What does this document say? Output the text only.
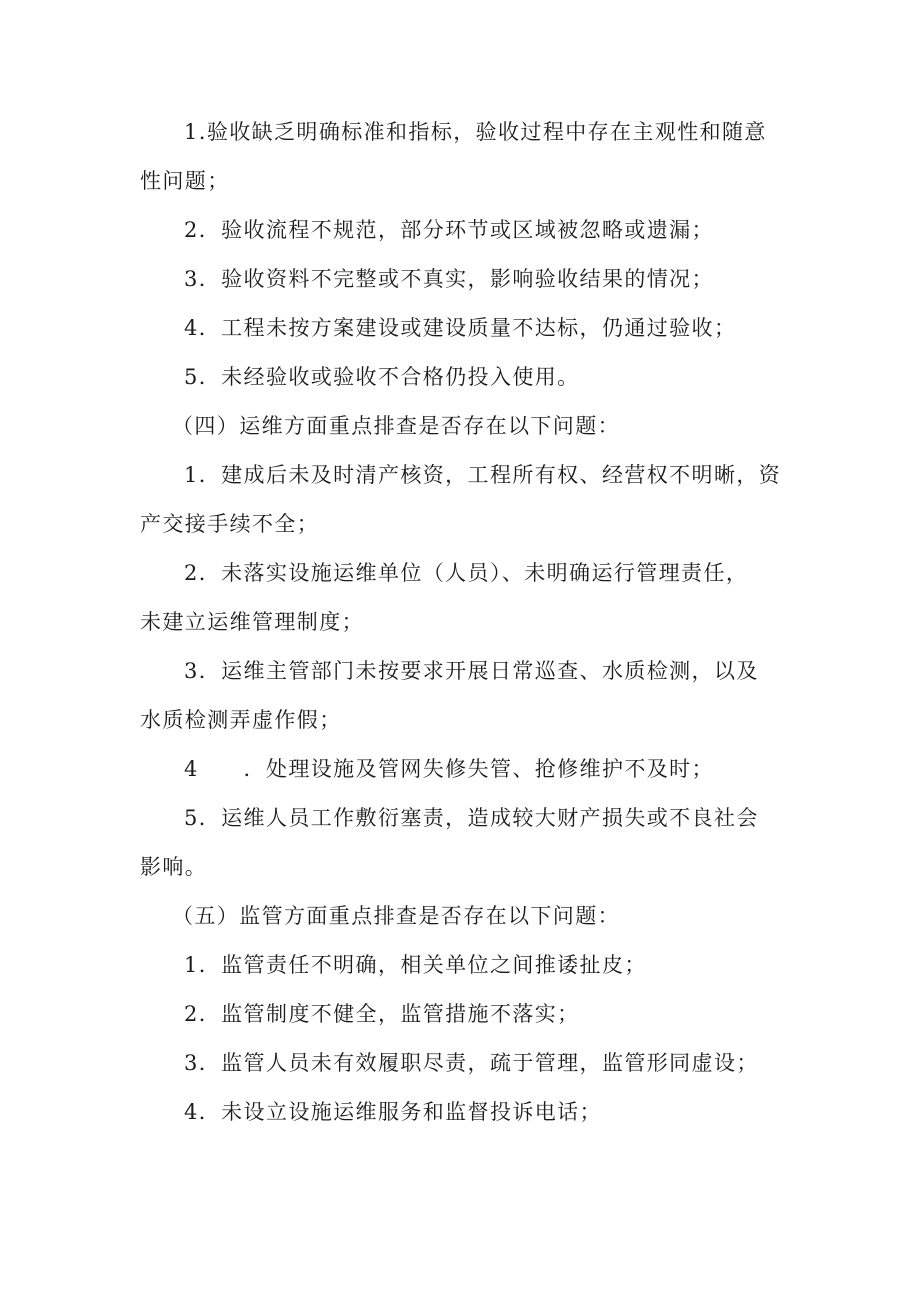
1.验收缺乏明确标准和指标，验收过程中存在主观性和随意
性问题；
2．验收流程不规范，部分环节或区域被忽略或遗漏；
3．验收资料不完整或不真实，影响验收结果的情况；
4．工程未按方案建设或建设质量不达标，仍通过验收；
5．未经验收或验收不合格仍投入使用。
（四）运维方面重点排查是否存在以下问题：
1．建成后未及时清产核资，工程所有权、经营权不明晰，资
产交接手续不全；
2．未落实设施运维单位（人员）、未明确运行管理责任，
未建立运维管理制度；
3．运维主管部门未按要求开展日常巡查、水质检测，以及
水质检测弄虚作假；
4　　．处理设施及管网失修失管、抢修维护不及时；
5．运维人员工作敷衍塞责，造成较大财产损失或不良社会
影响。
（五）监管方面重点排查是否存在以下问题：
1．监管责任不明确，相关单位之间推诿扯皮；
2．监管制度不健全，监管措施不落实；
3．监管人员未有效履职尽责，疏于管理，监管形同虚设；
4．未设立设施运维服务和监督投诉电话；
